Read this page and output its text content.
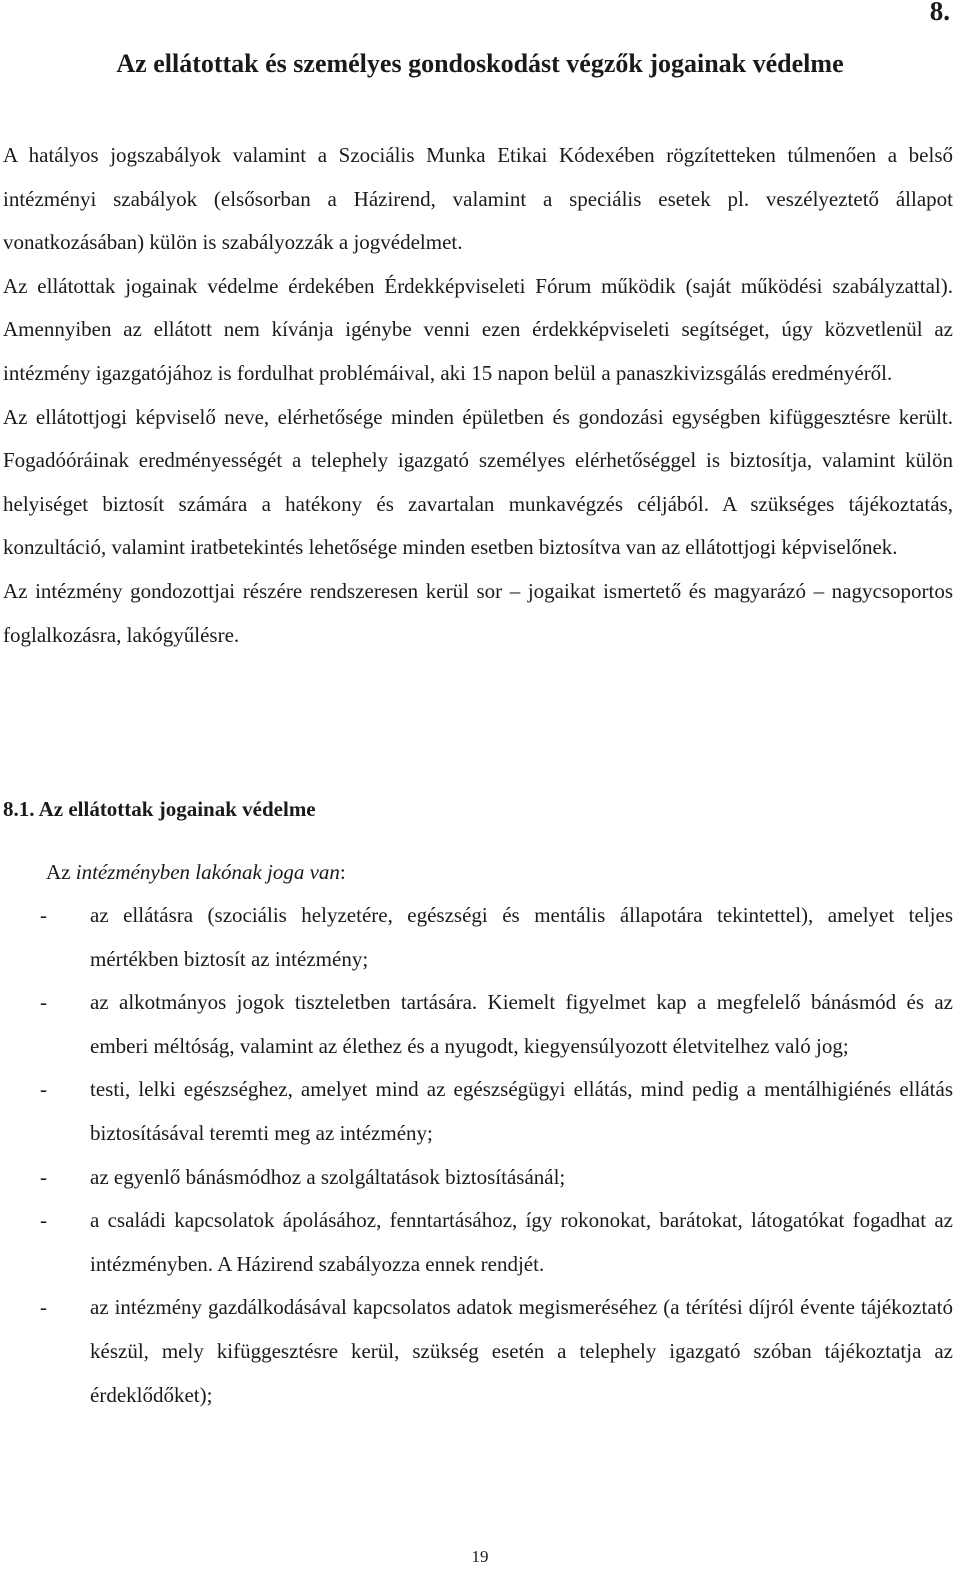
8.
Az ellátottak és személyes gondoskodást végzők jogainak védelme

A hatályos jogszabályok valamint a Szociális Munka Etikai Kódexében rögzítetteken túlmenően a belső intézményi szabályok (elsősorban a Házirend, valamint a speciális esetek pl. veszélyeztető állapot vonatkozásában) külön is szabályozzák a jogvédelmet.

Az ellátottak jogainak védelme érdekében Érdekképviseleti Fórum működik (saját működési szabályzattal). Amennyiben az ellátott nem kívánja igénybe venni ezen érdekképviseleti segítséget, úgy közvetlenül az intézmény igazgatójához is fordulhat problémáival, aki 15 napon belül a panaszkivizsgálás eredményéről.

Az ellátottjogi képviselő neve, elérhetősége minden épületben és gondozási egységben kifüggesztésre került. Fogadóóráinak eredményességét a telephely igazgató személyes elérhetőséggel is biztosítja, valamint külön helyiséget biztosít számára a hatékony és zavartalan munkavégzés céljából. A szükséges tájékoztatás, konzultáció, valamint iratbetekintés lehetősége minden esetben biztosítva van az ellátottjogi képviselőnek.

Az intézmény gondozottjai részére rendszeresen kerül sor – jogaikat ismertető és magyarázó – nagycsoportos foglalkozásra, lakógyűlésre.

8.1. Az ellátottak jogainak védelme

Az intézményben lakónak joga van:

- az ellátásra (szociális helyzetére, egészségi és mentális állapotára tekintettel), amelyet teljes mértékben biztosít az intézmény;
- az alkotmányos jogok tiszteletben tartására. Kiemelt figyelmet kap a megfelelő bánásmód és az emberi méltóság, valamint az élethez és a nyugodt, kiegyensúlyozott életvitelhez való jog;
- testi, lelki egészséghez, amelyet mind az egészségügyi ellátás, mind pedig a mentálhigiénés ellátás biztosításával teremti meg az intézmény;
- az egyenlő bánásmódhoz a szolgáltatások biztosításánál;
- a családi kapcsolatok ápolásához, fenntartásához, így rokonokat, barátokat, látogatókat fogadhat az intézményben. A Házirend szabályozza ennek rendjét.
- az intézmény gazdálkodásával kapcsolatos adatok megismeréséhez (a térítési díjról évente tájékoztató készül, mely kifüggesztésre kerül, szükség esetén a telephely igazgató szóban tájékoztatja az érdeklődőket);
19
